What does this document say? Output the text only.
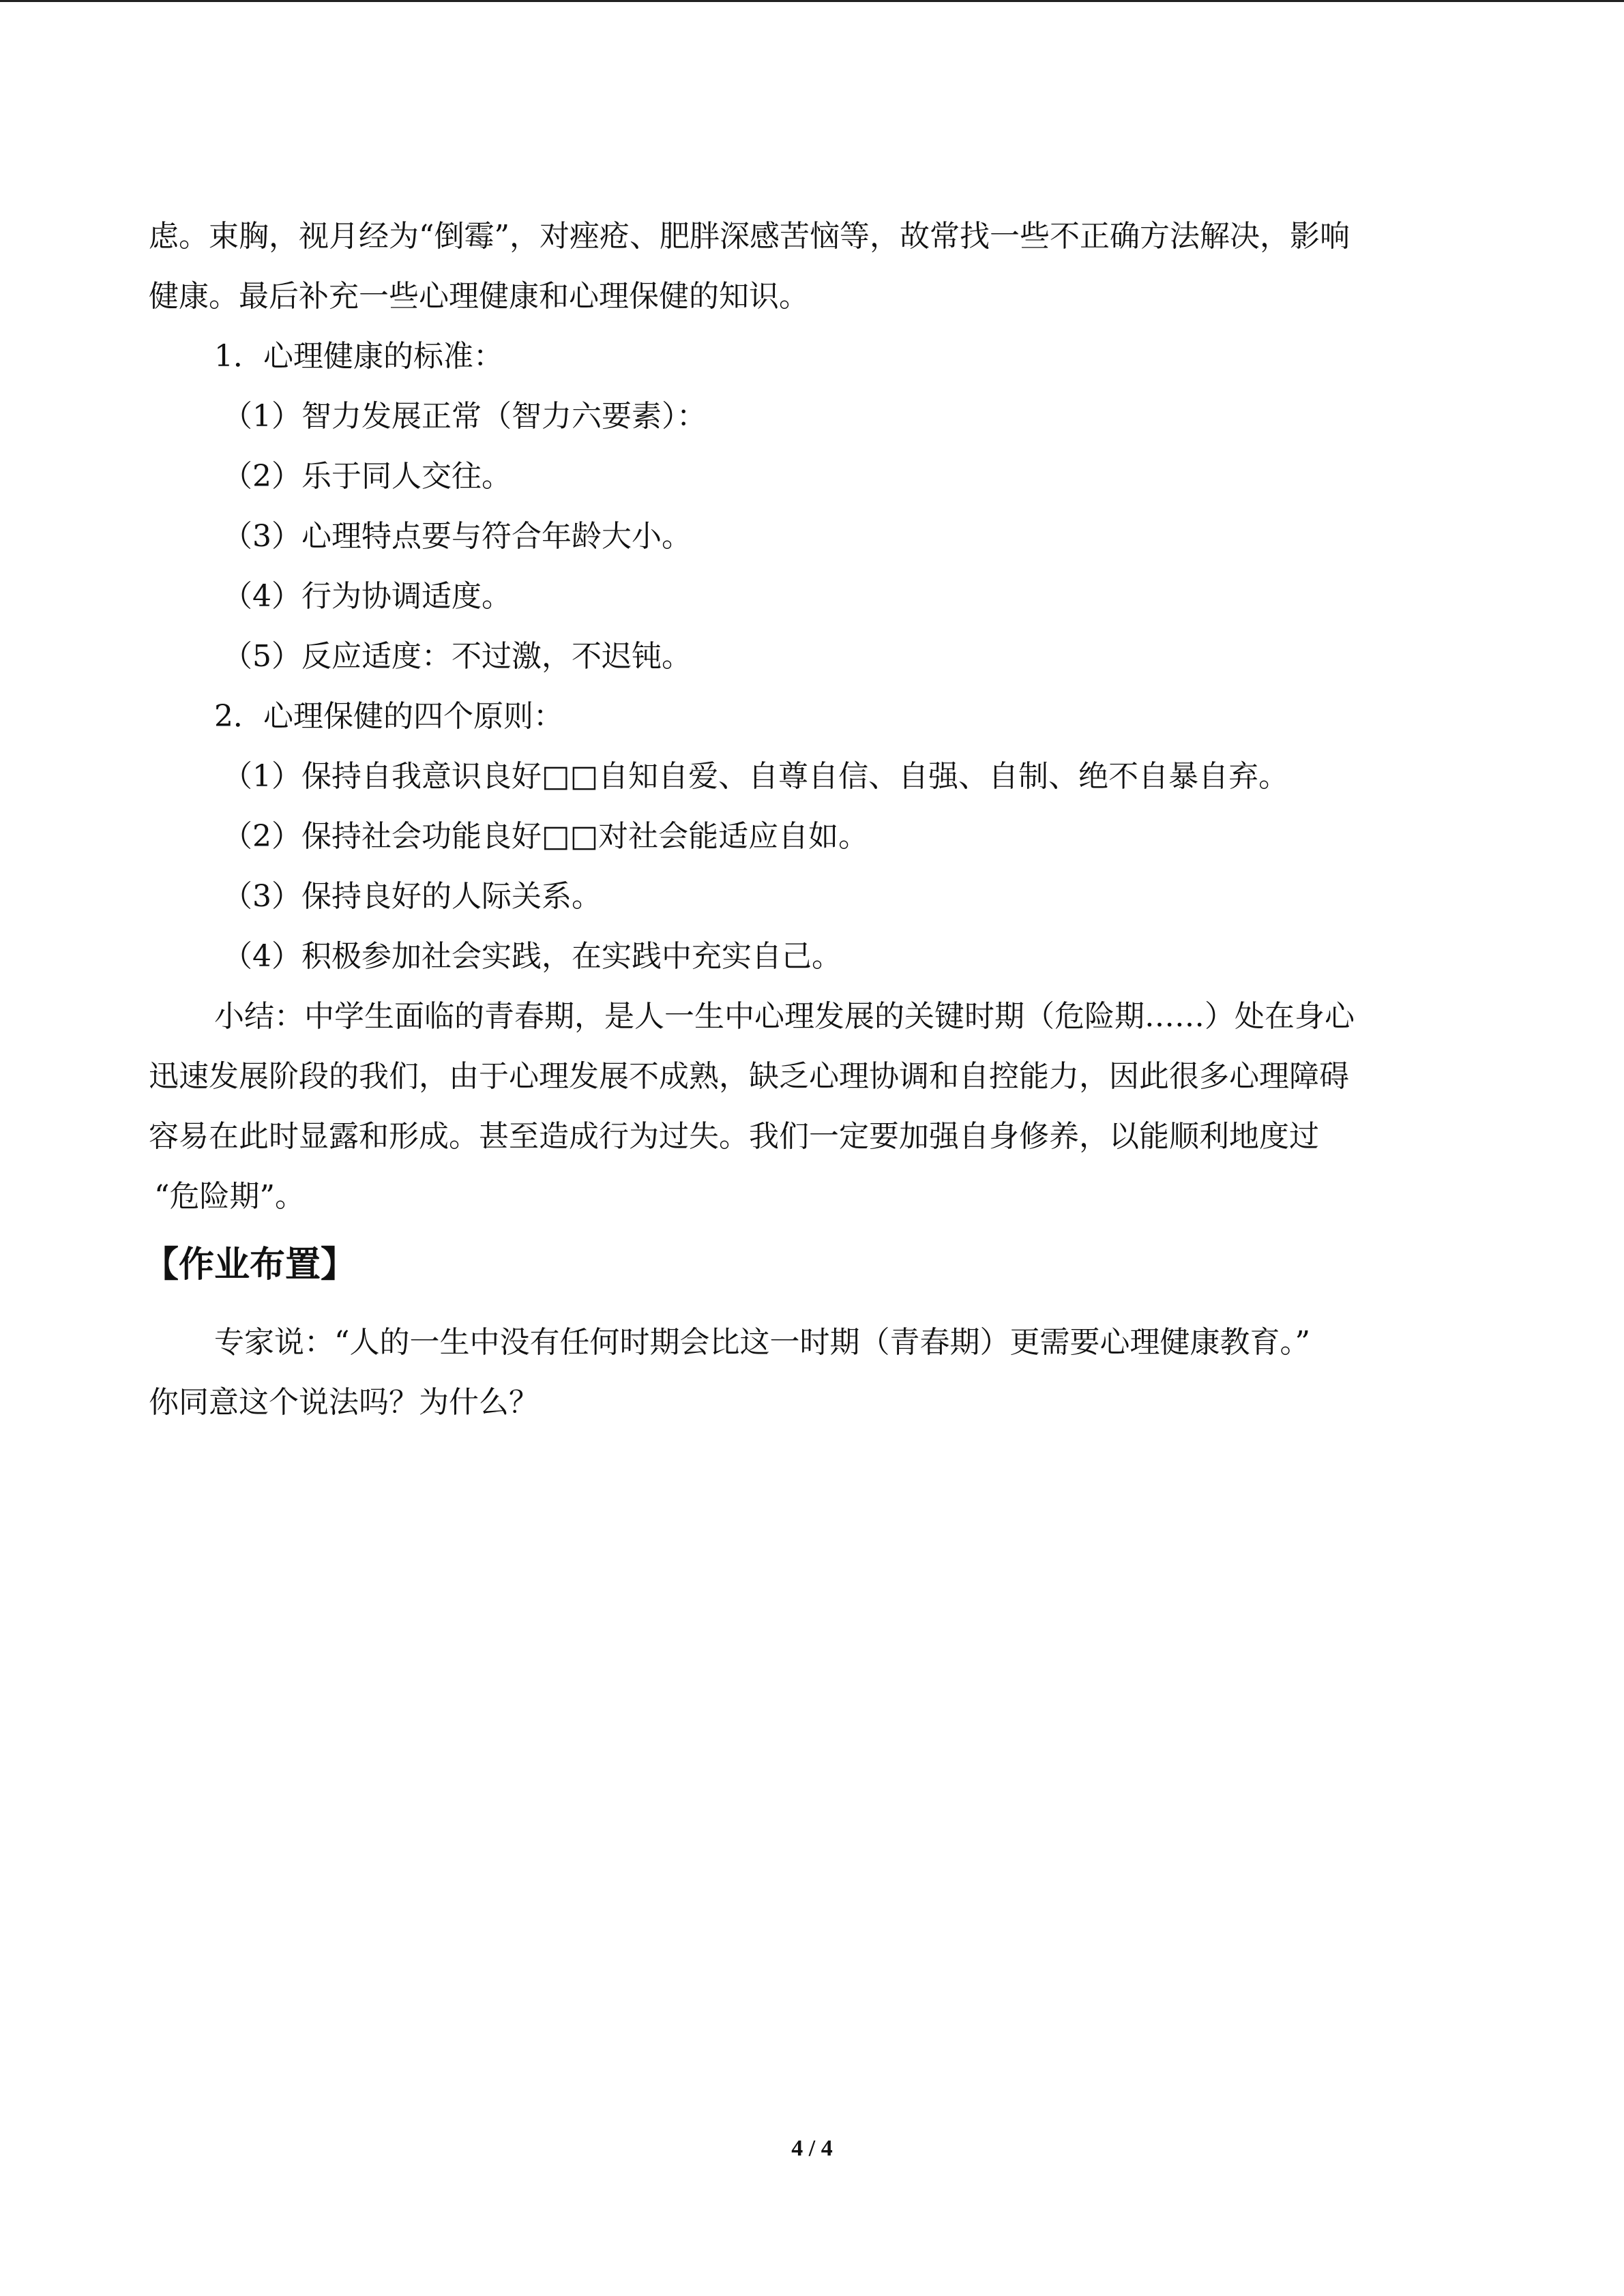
虑。束胸，视月经为“倒霉”，对痤疮、肥胖深感苦恼等，故常找一些不正确方法解决，影响

健康。最后补充一些心理健康和心理保健的知识。

1．心理健康的标准：

（1）智力发展正常（智力六要素）：

（2）乐于同人交往。

（3）心理特点要与符合年龄大小。

（4）行为协调适度。

（5）反应适度：不过激，不迟钝。

2．心理保健的四个原则：

（1）保持自我意识良好□□自知自爱、自尊自信、自强、自制、绝不自暴自弃。

（2）保持社会功能良好□□对社会能适应自如。

（3）保持良好的人际关系。

（4）积极参加社会实践，在实践中充实自己。

小结：中学生面临的青春期，是人一生中心理发展的关键时期（危险期……）处在身心

迅速发展阶段的我们，由于心理发展不成熟，缺乏心理协调和自控能力，因此很多心理障碍

容易在此时显露和形成。甚至造成行为过失。我们一定要加强自身修养，以能顺利地度过

“危险期”。

【作业布置】

专家说：“人的一生中没有任何时期会比这一时期（青春期）更需要心理健康教育。”

你同意这个说法吗？为什么？

4 / 4
